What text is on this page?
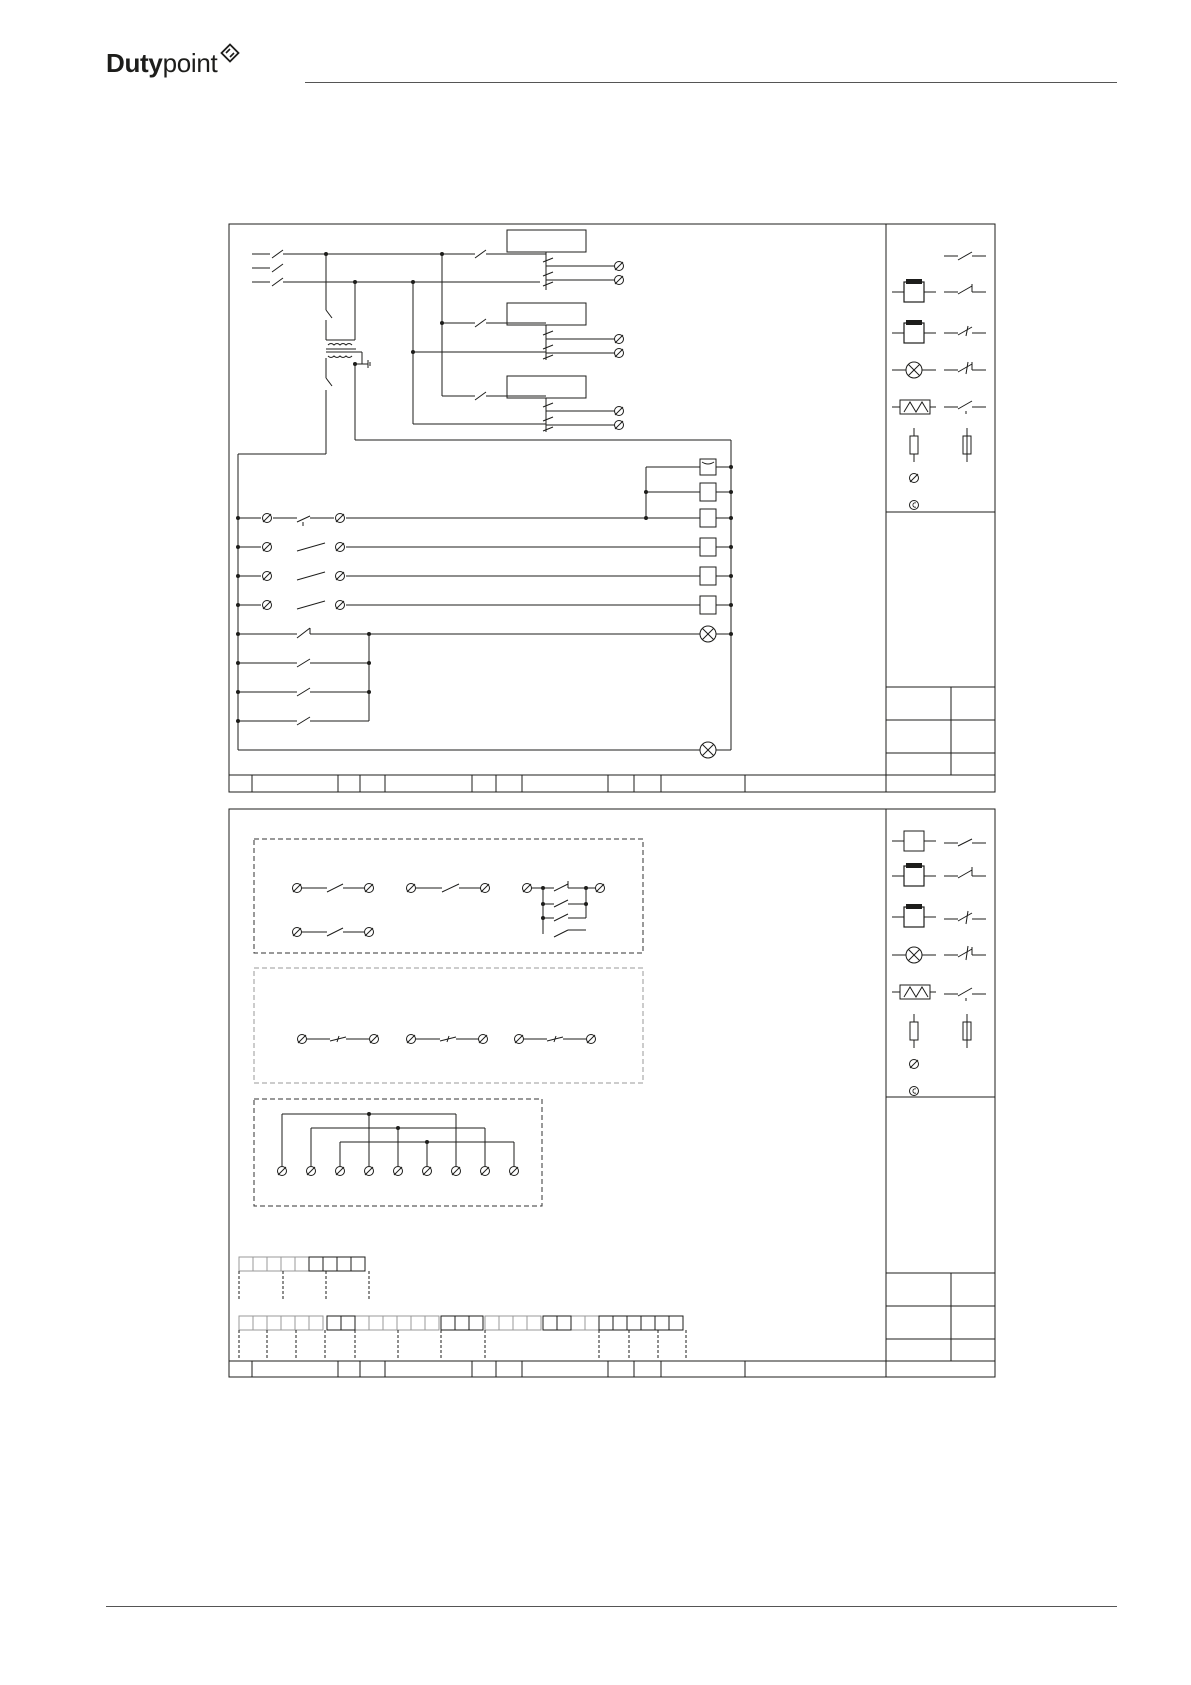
Dutypoint
